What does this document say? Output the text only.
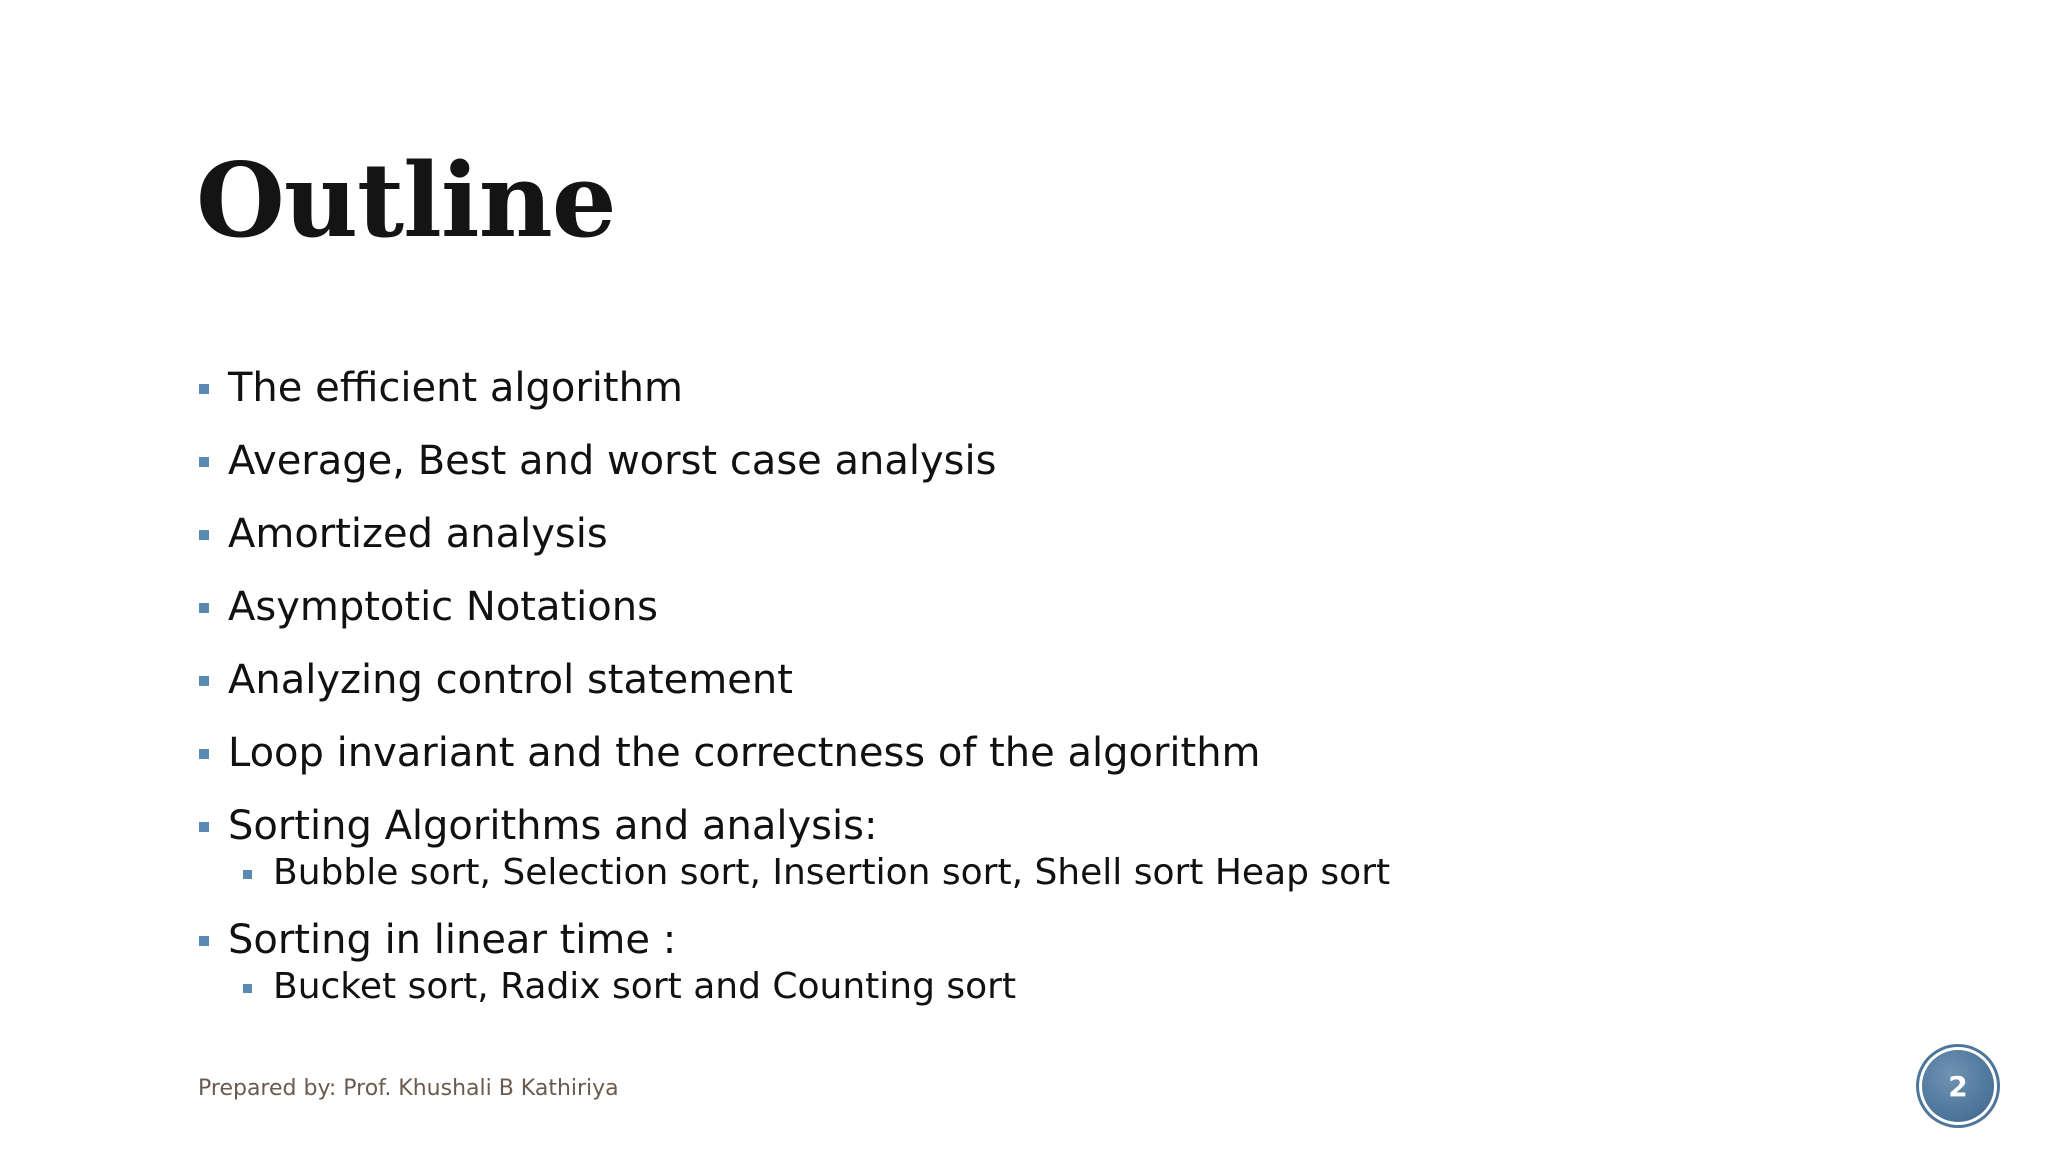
Outline
The efficient algorithm
Average, Best and worst case analysis
Amortized analysis
Asymptotic Notations
Analyzing control statement
Loop invariant and the correctness of the algorithm
Sorting Algorithms and analysis:
Bubble sort, Selection sort, Insertion sort, Shell sort Heap sort
Sorting in linear time :
Bucket sort, Radix sort and Counting sort
Prepared by: Prof. Khushali B Kathiriya	2
